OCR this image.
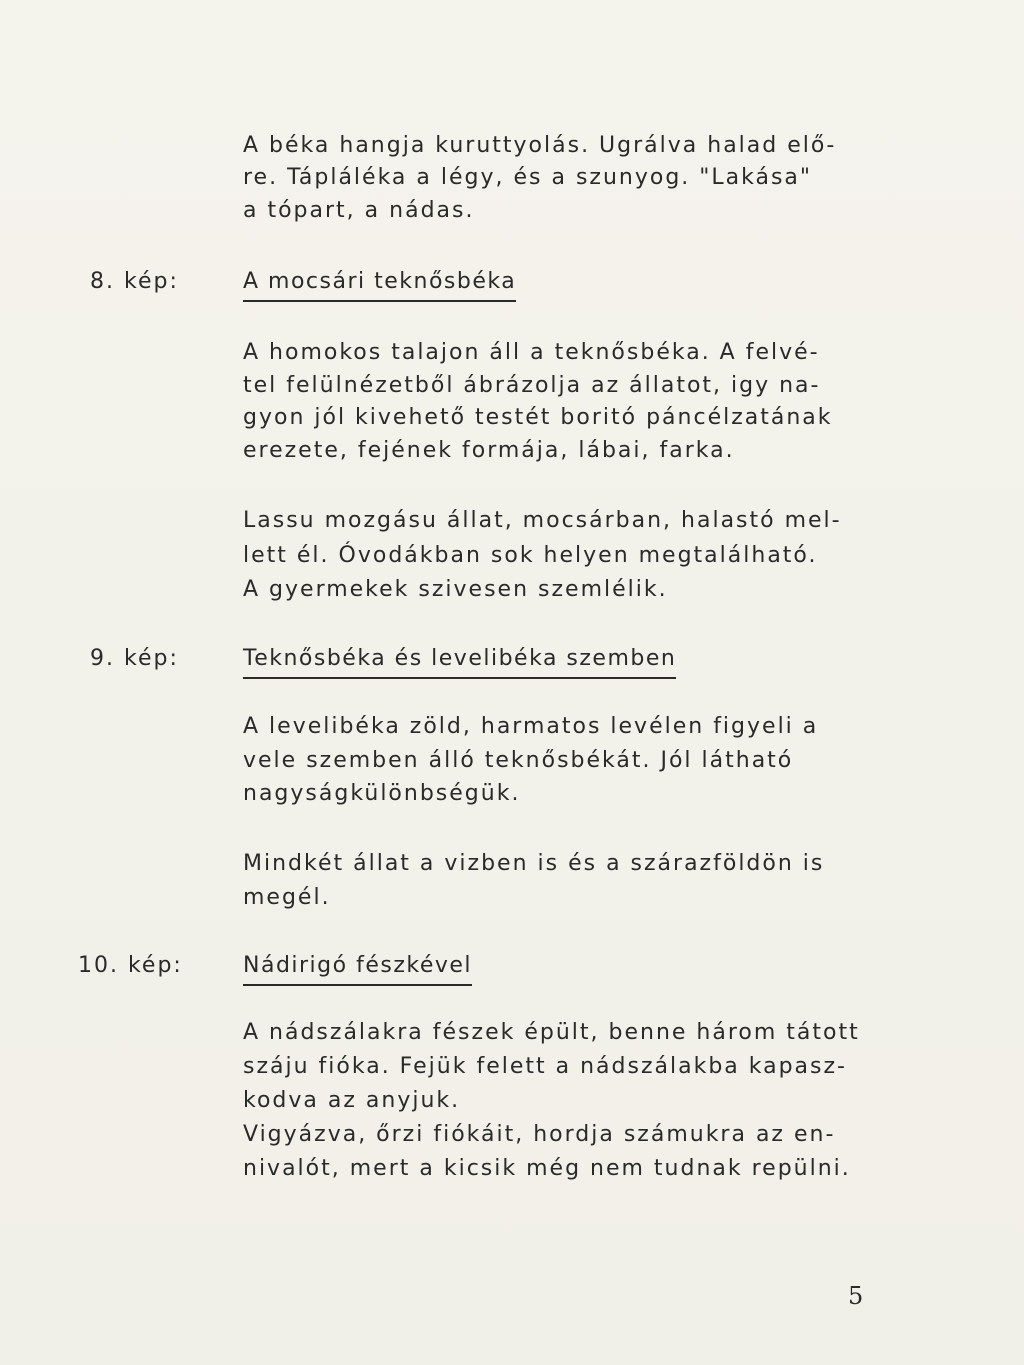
A béka hangja kuruttyolás. Ugrálva halad elő-
re. Tápláléka a légy, és a szunyog. "Lakása"
a tópart, a nádas.
8. kép:	A mocsári teknősbéka
A homokos talajon áll a teknősbéka. A felvé-
tel felülnézetből ábrázolja az állatot, igy na-
gyon jól kivehető testét boritó páncélzatának
erezete, fejének formája, lábai, farka.
Lassu mozgásu állat, mocsárban, halastó mel-
lett él. Óvodákban sok helyen megtalálható.
A gyermekek szivesen szemlélik.
9. kép:	Teknősbéka és levelibéka szemben
A levelibéka zöld, harmatos levélen figyeli a
vele szemben álló teknősbékát. Jól látható
nagyságkülönbségük.
Mindkét állat a vizben is és a szárazföldön is
megél.
10. kép:	Nádirigó fészkével
A nádszálakra fészek épült, benne három tátott
száju fióka. Fejük felett a nádszálakba kapasz-
kodva az anyjuk.
Vigyázva, őrzi fiókáit, hordja számukra az en-
nivalót, mert a kicsik még nem tudnak repülni.
5
